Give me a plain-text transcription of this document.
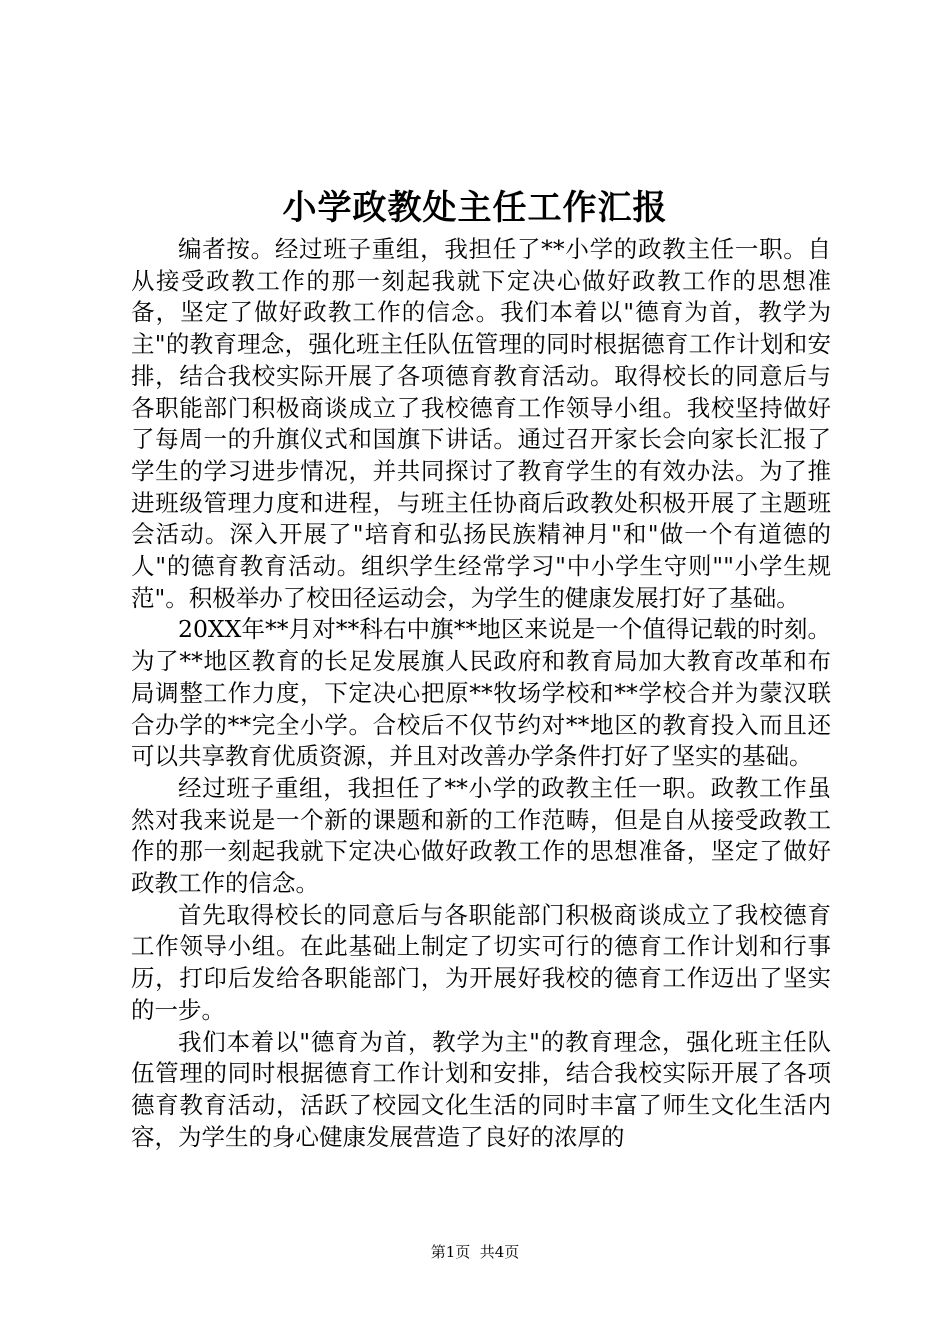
小学政教处主任工作汇报

编者按。经过班子重组，我担任了**小学的政教主任一职。自从接受政教工作的那一刻起我就下定决心做好政教工作的思想准备，坚定了做好政教工作的信念。我们本着以"德育为首，教学为主"的教育理念，强化班主任队伍管理的同时根据德育工作计划和安排，结合我校实际开展了各项德育教育活动。取得校长的同意后与各职能部门积极商谈成立了我校德育工作领导小组。我校坚持做好了每周一的升旗仪式和国旗下讲话。通过召开家长会向家长汇报了学生的学习进步情况，并共同探讨了教育学生的有效办法。为了推进班级管理力度和进程，与班主任协商后政教处积极开展了主题班会活动。深入开展了"培育和弘扬民族精神月"和"做一个有道德的人"的德育教育活动。组织学生经常学习"中小学生守则""小学生规范"。积极举办了校田径运动会，为学生的健康发展打好了基础。

20XX年**月对**科右中旗**地区来说是一个值得记载的时刻。为了**地区教育的长足发展旗人民政府和教育局加大教育改革和布局调整工作力度，下定决心把原**牧场学校和**学校合并为蒙汉联合办学的**完全小学。合校后不仅节约对**地区的教育投入而且还可以共享教育优质资源，并且对改善办学条件打好了坚实的基础。

经过班子重组，我担任了**小学的政教主任一职。政教工作虽然对我来说是一个新的课题和新的工作范畴，但是自从接受政教工作的那一刻起我就下定决心做好政教工作的思想准备，坚定了做好政教工作的信念。

首先取得校长的同意后与各职能部门积极商谈成立了我校德育工作领导小组。在此基础上制定了切实可行的德育工作计划和行事历，打印后发给各职能部门，为开展好我校的德育工作迈出了坚实的一步。

我们本着以"德育为首，教学为主"的教育理念，强化班主任队伍管理的同时根据德育工作计划和安排，结合我校实际开展了各项德育教育活动，活跃了校园文化生活的同时丰富了师生文化生活内容，为学生的身心健康发展营造了良好的浓厚的

第1页  共4页
